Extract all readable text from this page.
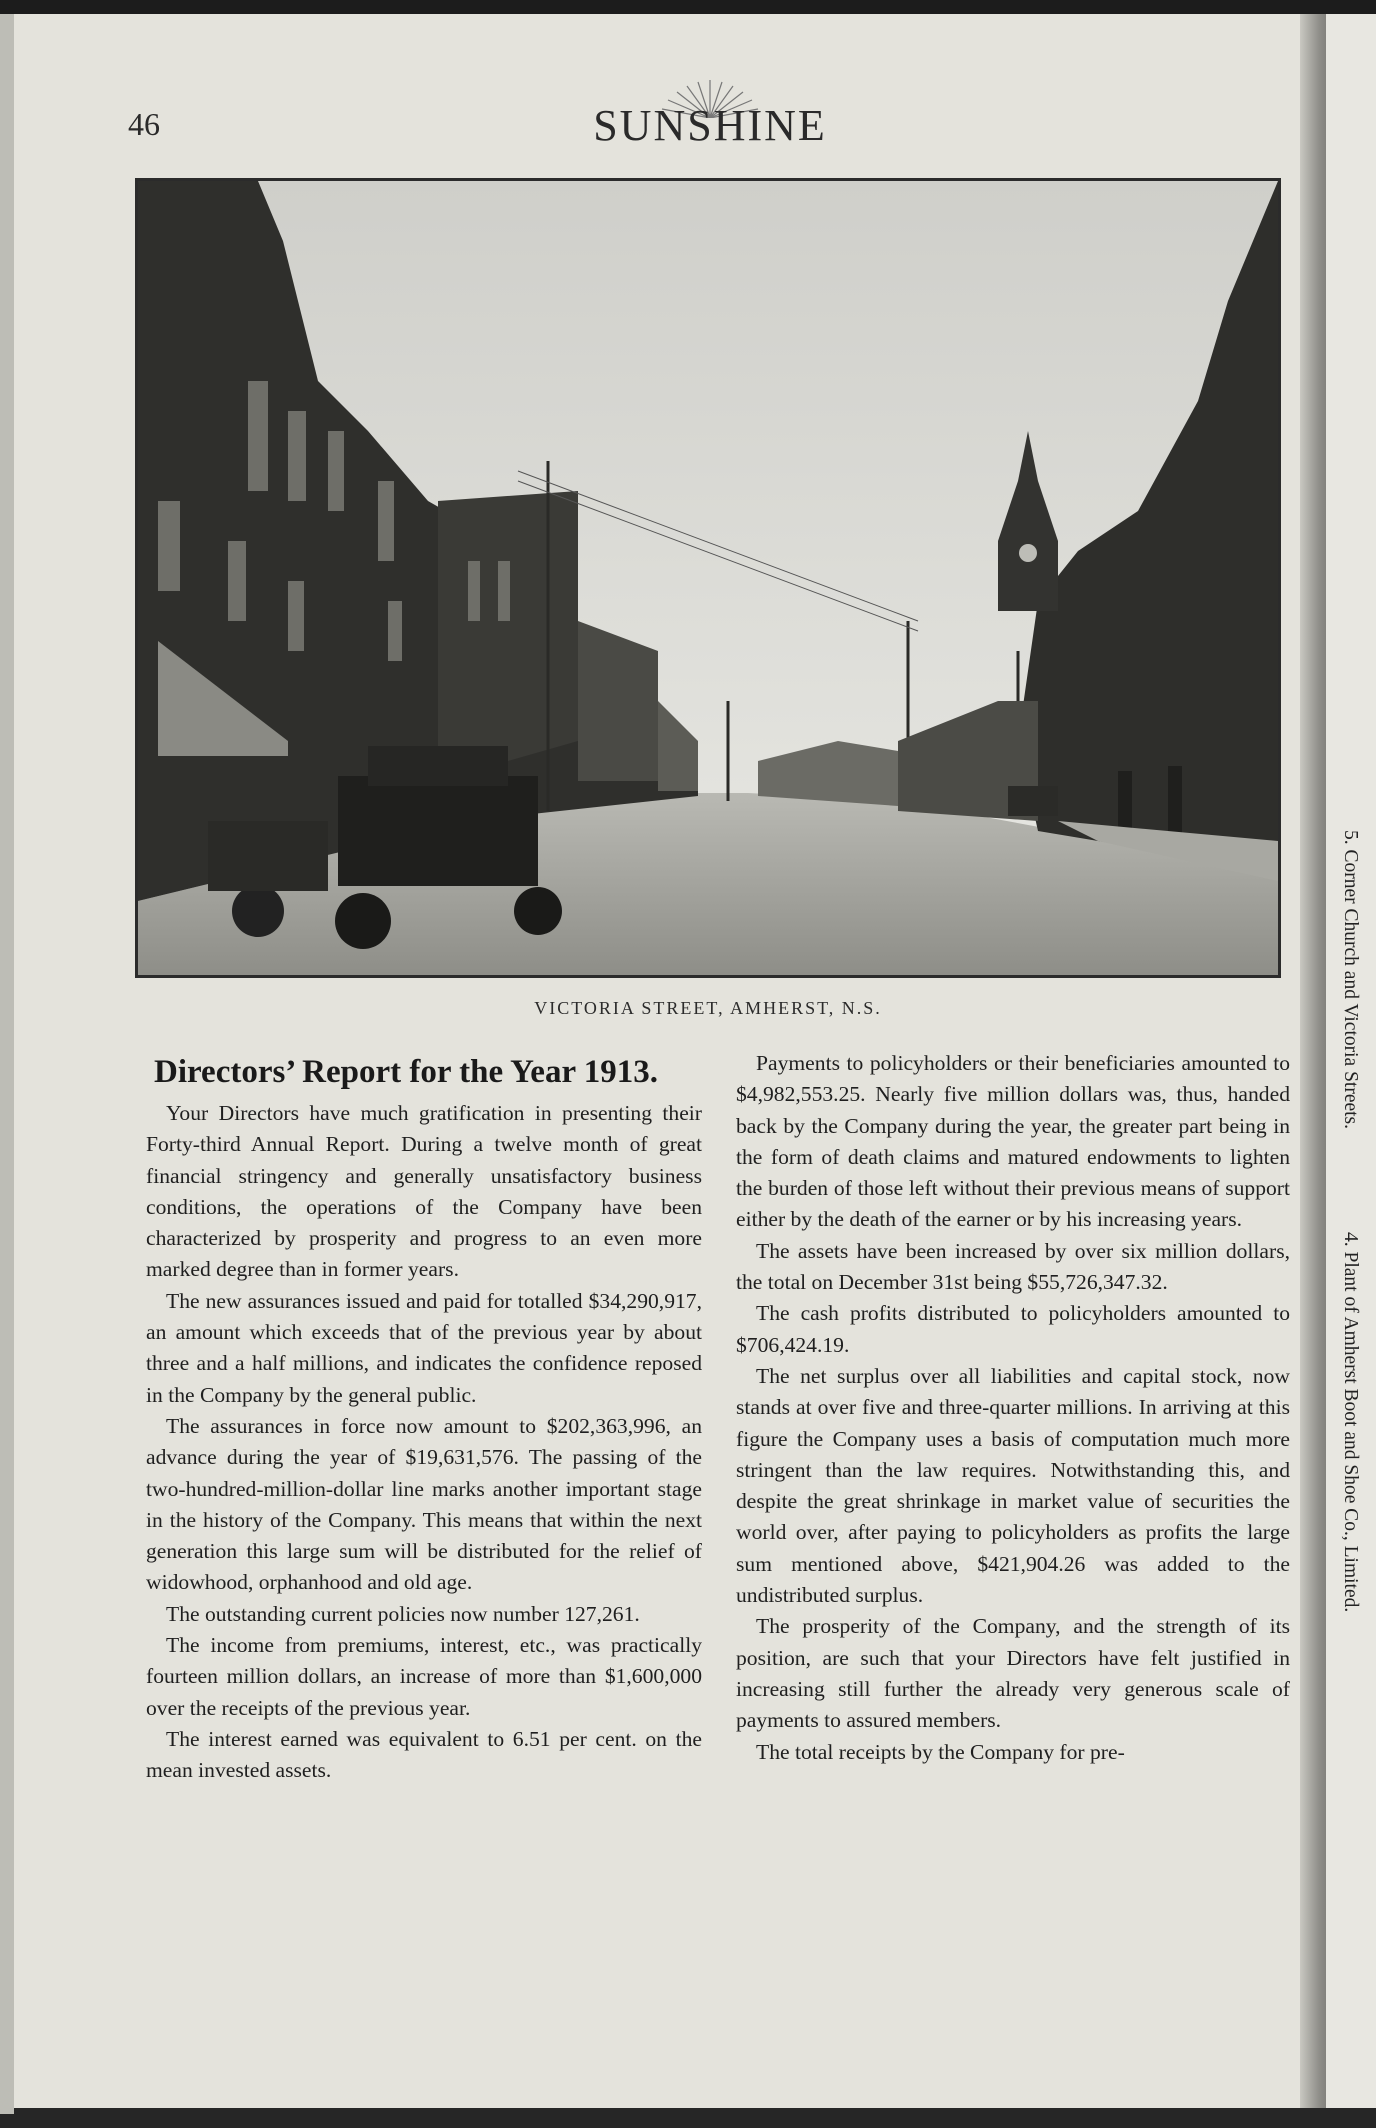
46	SUNSHINE
VICTORIA STREET, AMHERST, N.S.
Directors’ Report for the Year 1913.

Your Directors have much gratification in presenting their Forty-third Annual Report. During a twelve month of great financial stringency and generally unsatisfactory business conditions, the operations of the Company have been characterized by prosperity and progress to an even more marked degree than in former years.

The new assurances issued and paid for totalled $34,290,917, an amount which exceeds that of the previous year by about three and a half millions, and indicates the confidence reposed in the Company by the general public.

The assurances in force now amount to $202,363,996, an advance during the year of $19,631,576. The passing of the two-hundred-million-dollar line marks another important stage in the history of the Company. This means that within the next generation this large sum will be distributed for the relief of widowhood, orphanhood and old age.

The outstanding current policies now number 127,261.

The income from premiums, interest, etc., was practically fourteen million dollars, an increase of more than $1,600,000 over the receipts of the previous year.

The interest earned was equivalent to 6.51 per cent. on the mean invested assets.

Payments to policyholders or their beneficiaries amounted to $4,982,553.25. Nearly five million dollars was, thus, handed back by the Company during the year, the greater part being in the form of death claims and matured endowments to lighten the burden of those left without their previous means of support either by the death of the earner or by his increasing years.

The assets have been increased by over six million dollars, the total on December 31st being $55,726,347.32.

The cash profits distributed to policyholders amounted to $706,424.19.

The net surplus over all liabilities and capital stock, now stands at over five and three-quarter millions. In arriving at this figure the Company uses a basis of computation much more stringent than the law requires. Notwithstanding this, and despite the great shrinkage in market value of securities the world over, after paying to policyholders as profits the large sum mentioned above, $421,904.26 was added to the undistributed surplus.

The prosperity of the Company, and the strength of its position, are such that your Directors have felt justified in increasing still further the already very generous scale of payments to assured members.

The total receipts by the Company for pre-

5. Corner Church and Victoria Streets.
4. Plant of Amherst Boot and Shoe Co., Limited.
